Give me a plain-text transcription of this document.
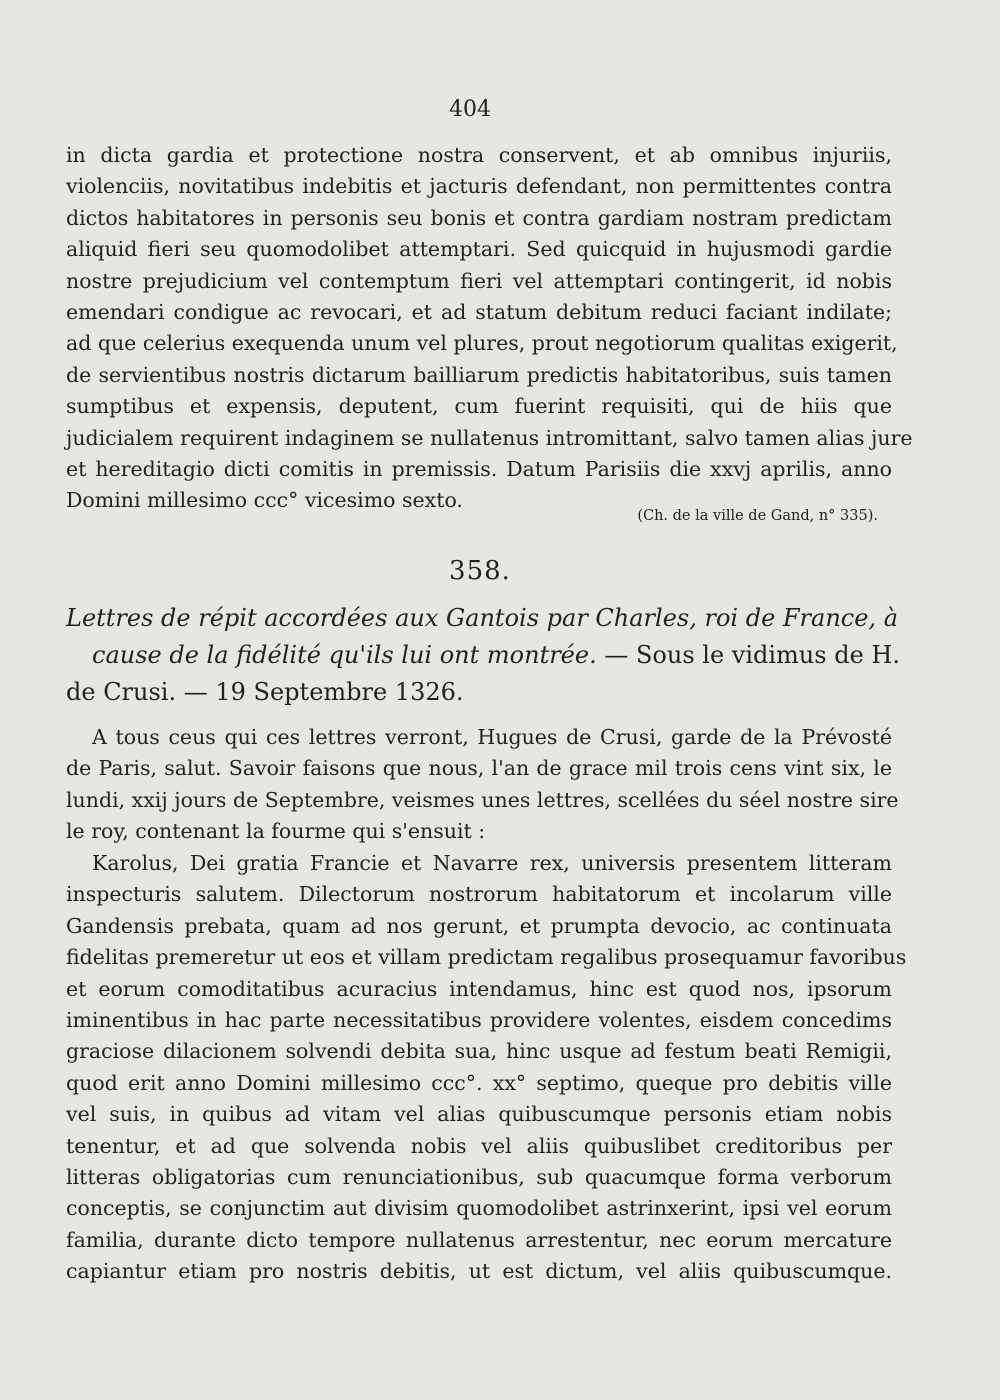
404
in dicta gardia et protectione nostra conservent, et ab omnibus injuriis,
violenciis, novitatibus indebitis et jacturis defendant, non permittentes contra
dictos habitatores in personis seu bonis et contra gardiam nostram predictam
aliquid fieri seu quomodolibet attemptari. Sed quicquid in hujusmodi gardie
nostre prejudicium vel contemptum fieri vel attemptari contingerit, id nobis
emendari condigue ac revocari, et ad statum debitum reduci faciant indilate;
ad que celerius exequenda unum vel plures, prout negotiorum qualitas exigerit,
de servientibus nostris dictarum bailliarum predictis habitatoribus, suis tamen
sumptibus et expensis, deputent, cum fuerint requisiti, qui de hiis que
judicialem requirent indaginem se nullatenus intromittant, salvo tamen alias jure
et hereditagio dicti comitis in premissis. Datum Parisiis die xxvj aprilis, anno
Domini millesimo ccc° vicesimo sexto.
(Ch. de la ville de Gand, n° 335).
358.
Lettres de répit accordées aux Gantois par Charles, roi de France, à
cause de la fidélité qu'ils lui ont montrée. — Sous le vidimus de H.
de Crusi. — 19 Septembre 1326.
A tous ceus qui ces lettres verront, Hugues de Crusi, garde de la Prévosté
de Paris, salut. Savoir faisons que nous, l'an de grace mil trois cens vint six, le
lundi, xxij jours de Septembre, veismes unes lettres, scellées du séel nostre sire
le roy, contenant la fourme qui s'ensuit :
Karolus, Dei gratia Francie et Navarre rex, universis presentem litteram
inspecturis salutem. Dilectorum nostrorum habitatorum et incolarum ville
Gandensis prebata, quam ad nos gerunt, et prumpta devocio, ac continuata
fidelitas premeretur ut eos et villam predictam regalibus prosequamur favoribus
et eorum comoditatibus acuracius intendamus, hinc est quod nos, ipsorum
iminentibus in hac parte necessitatibus providere volentes, eisdem concedims
graciose dilacionem solvendi debita sua, hinc usque ad festum beati Remigii,
quod erit anno Domini millesimo ccc°. xx° septimo, queque pro debitis ville
vel suis, in quibus ad vitam vel alias quibuscumque personis etiam nobis
tenentur, et ad que solvenda nobis vel aliis quibuslibet creditoribus per
litteras obligatorias cum renunciationibus, sub quacumque forma verborum
conceptis, se conjunctim aut divisim quomodolibet astrinxerint, ipsi vel eorum
familia, durante dicto tempore nullatenus arrestentur, nec eorum mercature
capiantur etiam pro nostris debitis, ut est dictum, vel aliis quibuscumque.
